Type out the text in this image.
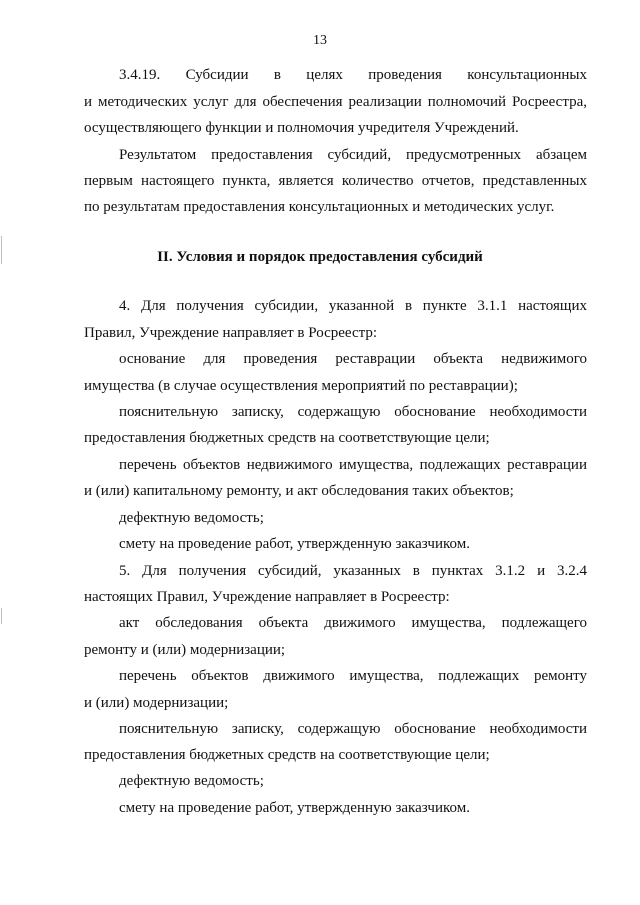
13
3.4.19. Субсидии в целях проведения консультационных
и методических услуг для обеспечения реализации полномочий Росреестра,
осуществляющего функции и полномочия учредителя Учреждений.
Результатом предоставления субсидий, предусмотренных абзацем
первым настоящего пункта, является количество отчетов, представленных
по результатам предоставления консультационных и методических услуг.
II. Условия и порядок предоставления субсидий
4. Для получения субсидии, указанной в пункте 3.1.1 настоящих
Правил, Учреждение направляет в Росреестр:
основание для проведения реставрации объекта недвижимого
имущества (в случае осуществления мероприятий по реставрации);
пояснительную записку, содержащую обоснование необходимости
предоставления бюджетных средств на соответствующие цели;
перечень объектов недвижимого имущества, подлежащих реставрации
и (или) капитальному ремонту, и акт обследования таких объектов;
дефектную ведомость;
смету на проведение работ, утвержденную заказчиком.
5. Для получения субсидий, указанных в пунктах 3.1.2 и 3.2.4
настоящих Правил, Учреждение направляет в Росреестр:
акт обследования объекта движимого имущества, подлежащего
ремонту и (или) модернизации;
перечень объектов движимого имущества, подлежащих ремонту
и (или) модернизации;
пояснительную записку, содержащую обоснование необходимости
предоставления бюджетных средств на соответствующие цели;
дефектную ведомость;
смету на проведение работ, утвержденную заказчиком.
